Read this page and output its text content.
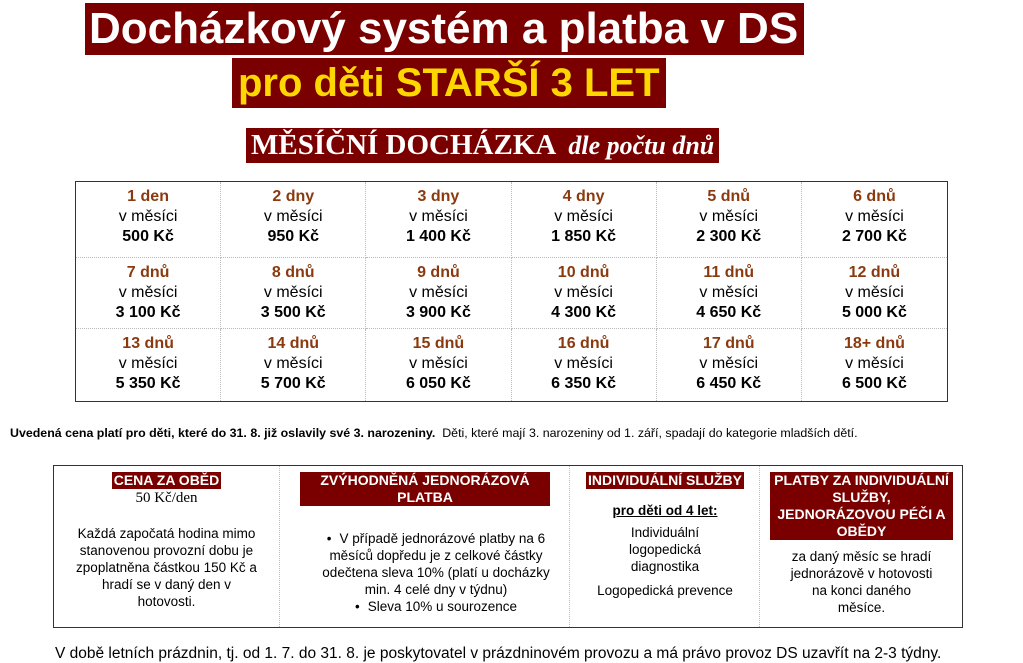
Docházkový systém a platba v DS
pro děti STARŠÍ 3 LET
MĚSÍČNÍ DOCHÁZKA dle počtu dnů
1 den
v měsíci
500 Kč
2 dny
v měsíci
950 Kč
3 dny
v měsíci
1 400 Kč
4 dny
v měsíci
1 850 Kč
5 dnů
v měsíci
2 300 Kč
6 dnů
v měsíci
2 700 Kč
7 dnů
v měsíci
3 100 Kč
8 dnů
v měsíci
3 500 Kč
9 dnů
v měsíci
3 900 Kč
10 dnů
v měsíci
4 300 Kč
11 dnů
v měsíci
4 650 Kč
12 dnů
v měsíci
5 000 Kč
13 dnů
v měsíci
5 350 Kč
14 dnů
v měsíci
5 700 Kč
15 dnů
v měsíci
6 050 Kč
16 dnů
v měsíci
6 350 Kč
17 dnů
v měsíci
6 450 Kč
18+ dnů
v měsíci
6 500 Kč
Uvedená cena platí pro děti, které do 31. 8. již oslavily své 3. narozeniny. Děti, které mají 3. narozeniny od 1. září, spadají do kategorie mladších dětí.
CENA ZA OBĚD
50 Kč/den
Každá započatá hodina mimo stanovenou provozní dobu je zpoplatněna částkou 150 Kč a hradí se v daný den v hotovosti.
ZVÝHODNĚNÁ JEDNORÁZOVÁ PLATBA
• V případě jednorázové platby na 6 měsíců dopředu je z celkové částky odečtena sleva 10% (platí u docházky min. 4 celé dny v týdnu)
• Sleva 10% u sourozence
INDIVIDUÁLNÍ SLUŽBY
pro děti od 4 let:
Individuální logopedická diagnostika
Logopedická prevence
PLATBY ZA INDIVIDUÁLNÍ SLUŽBY, JEDNORÁZOVOU PÉČI A OBĚDY
za daný měsíc se hradí jednorázově v hotovosti na konci daného měsíce.
V době letních prázdnin, tj. od 1. 7. do 31. 8. je poskytovatel v prázdninovém provozu a má právo provoz DS uzavřít na 2-3 týdny.
